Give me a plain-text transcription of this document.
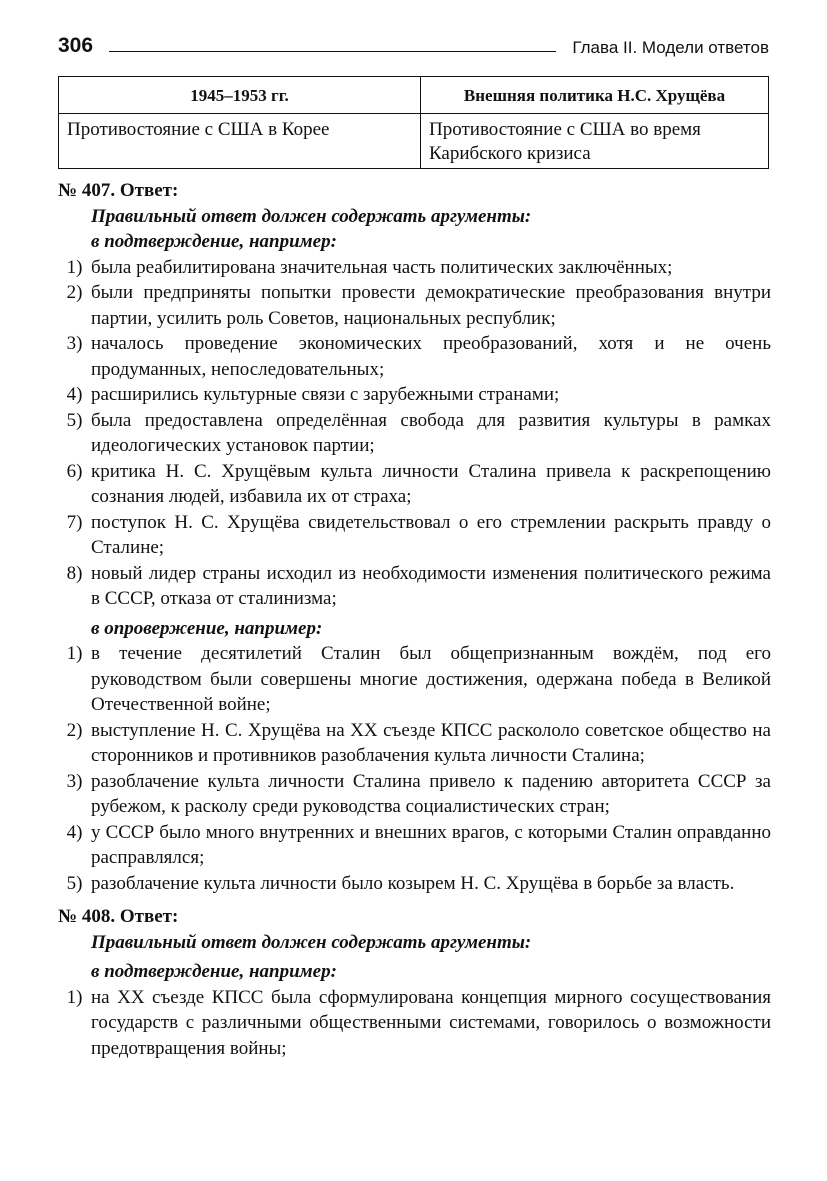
306	Глава II. Модели ответов
1945–1953 гг.	Внешняя политика Н.С. Хрущёва
Противостояние с США в Корее	Противостояние с США во время Карибского кризиса

№ 407. Ответ:

Правильный ответ должен содержать аргументы:

в подтверждение, например:

1) была реабилитирована значительная часть политических заключённых;
2) были предприняты попытки провести демократические преобразования внутри партии, усилить роль Советов, национальных республик;
3) началось проведение экономических преобразований, хотя и не очень продуманных, непоследовательных;
4) расширились культурные связи с зарубежными странами;
5) была предоставлена определённая свобода для развития культуры в рамках идеологических установок партии;
6) критика Н. С. Хрущёвым культа личности Сталина привела к раскрепощению сознания людей, избавила их от страха;
7) поступок Н. С. Хрущёва свидетельствовал о его стремлении раскрыть правду о Сталине;
8) новый лидер страны исходил из необходимости изменения политического режима в СССР, отказа от сталинизма;

в опровержение, например:

1) в течение десятилетий Сталин был общепризнанным вождём, под его руководством были совершены многие достижения, одержана победа в Великой Отечественной войне;
2) выступление Н. С. Хрущёва на XX съезде КПСС раскололо советское общество на сторонников и противников разоблачения культа личности Сталина;
3) разоблачение культа личности Сталина привело к падению авторитета СССР за рубежом, к расколу среди руководства социалистических стран;
4) у СССР было много внутренних и внешних врагов, с которыми Сталин оправданно расправлялся;
5) разоблачение культа личности было козырем Н. С. Хрущёва в борьбе за власть.

№ 408. Ответ:

Правильный ответ должен содержать аргументы:

в подтверждение, например:

1) на XX съезде КПСС была сформулирована концепция мирного сосуществования государств с различными общественными системами, говорилось о возможности предотвращения войны;
